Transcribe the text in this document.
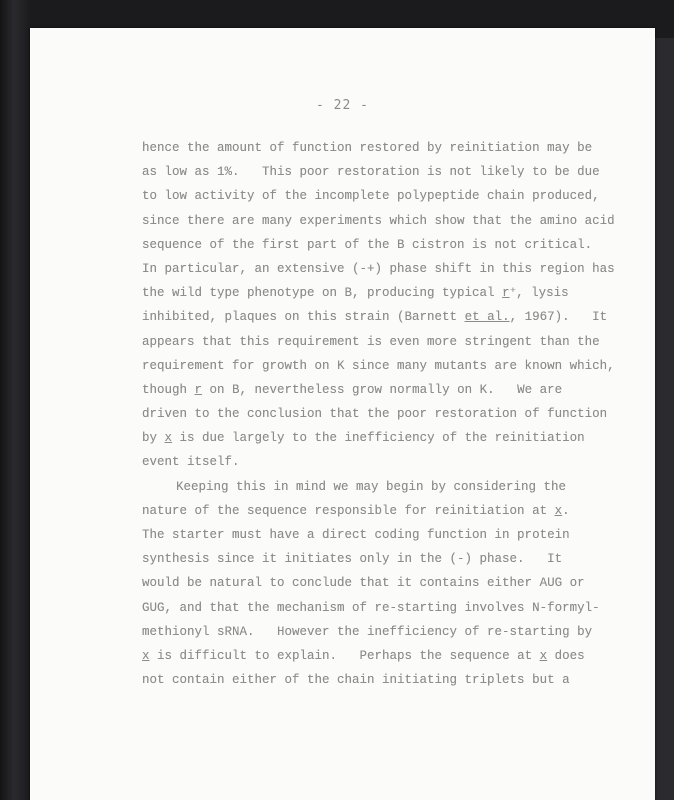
- 22 -
hence the amount of function restored by reinitiation may be
as low as 1%.   This poor restoration is not likely to be due
to low activity of the incomplete polypeptide chain produced,
since there are many experiments which show that the amino acid
sequence of the first part of the B cistron is not critical.
In particular, an extensive (-+) phase shift in this region has
the wild type phenotype on B, producing typical r⁺, lysis
inhibited, plaques on this strain (Barnett et al., 1967).   It
appears that this requirement is even more stringent than the
requirement for growth on K since many mutants are known which,
though r on B, nevertheless grow normally on K.   We are
driven to the conclusion that the poor restoration of function
by x is due largely to the inefficiency of the reinitiation
event itself.
Keeping this in mind we may begin by considering the
nature of the sequence responsible for reinitiation at x.
The starter must have a direct coding function in protein
synthesis since it initiates only in the (-) phase.   It
would be natural to conclude that it contains either AUG or
GUG, and that the mechanism of re-starting involves N-formyl-
methionyl sRNA.   However the inefficiency of re-starting by
x is difficult to explain.   Perhaps the sequence at x does
not contain either of the chain initiating triplets but a
